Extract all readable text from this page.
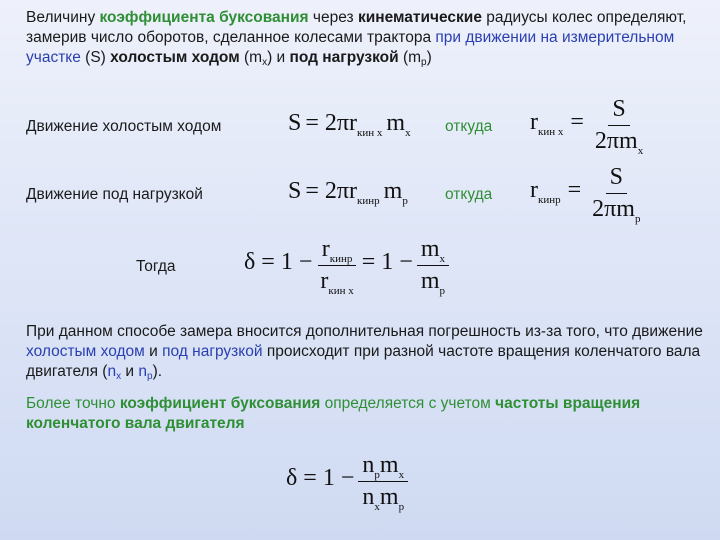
Величину коэффициента буксования через кинематические радиусы колес определяют, замерив число оборотов, сделанное колесами трактора при движении на измерительном участке (S) холостым ходом $(m_x)$ и под нагрузкой $(m_p)$
Движение холостым ходом	$S = 2\pi r_{кин х}$ $m_х$ откуда $r_{кин х} = \frac{S}{2\pi m_x}$
Движение под нагрузкой	$S = 2\pi r_{кинр}$ $m_р$ откуда $r_{кинр} = \frac{S}{2\pi m_p}$
Тогда	$\delta = 1 - \frac{r_{кинр}}{r_{кин х}} = 1 - \frac{m_x}{m_p}$
При данном способе замера вносится дополнительная погрешность из-за того, что движение холостым ходом и под нагрузкой происходит при разной частоте вращения коленчатого вала двигателя ($n_x$ и $n_p$).
Более точно коэффициент буксования определяется с учетом частоты вращения коленчатого вала двигателя
$\delta = 1 - \frac{n_pm_x}{n_xm_p}$
